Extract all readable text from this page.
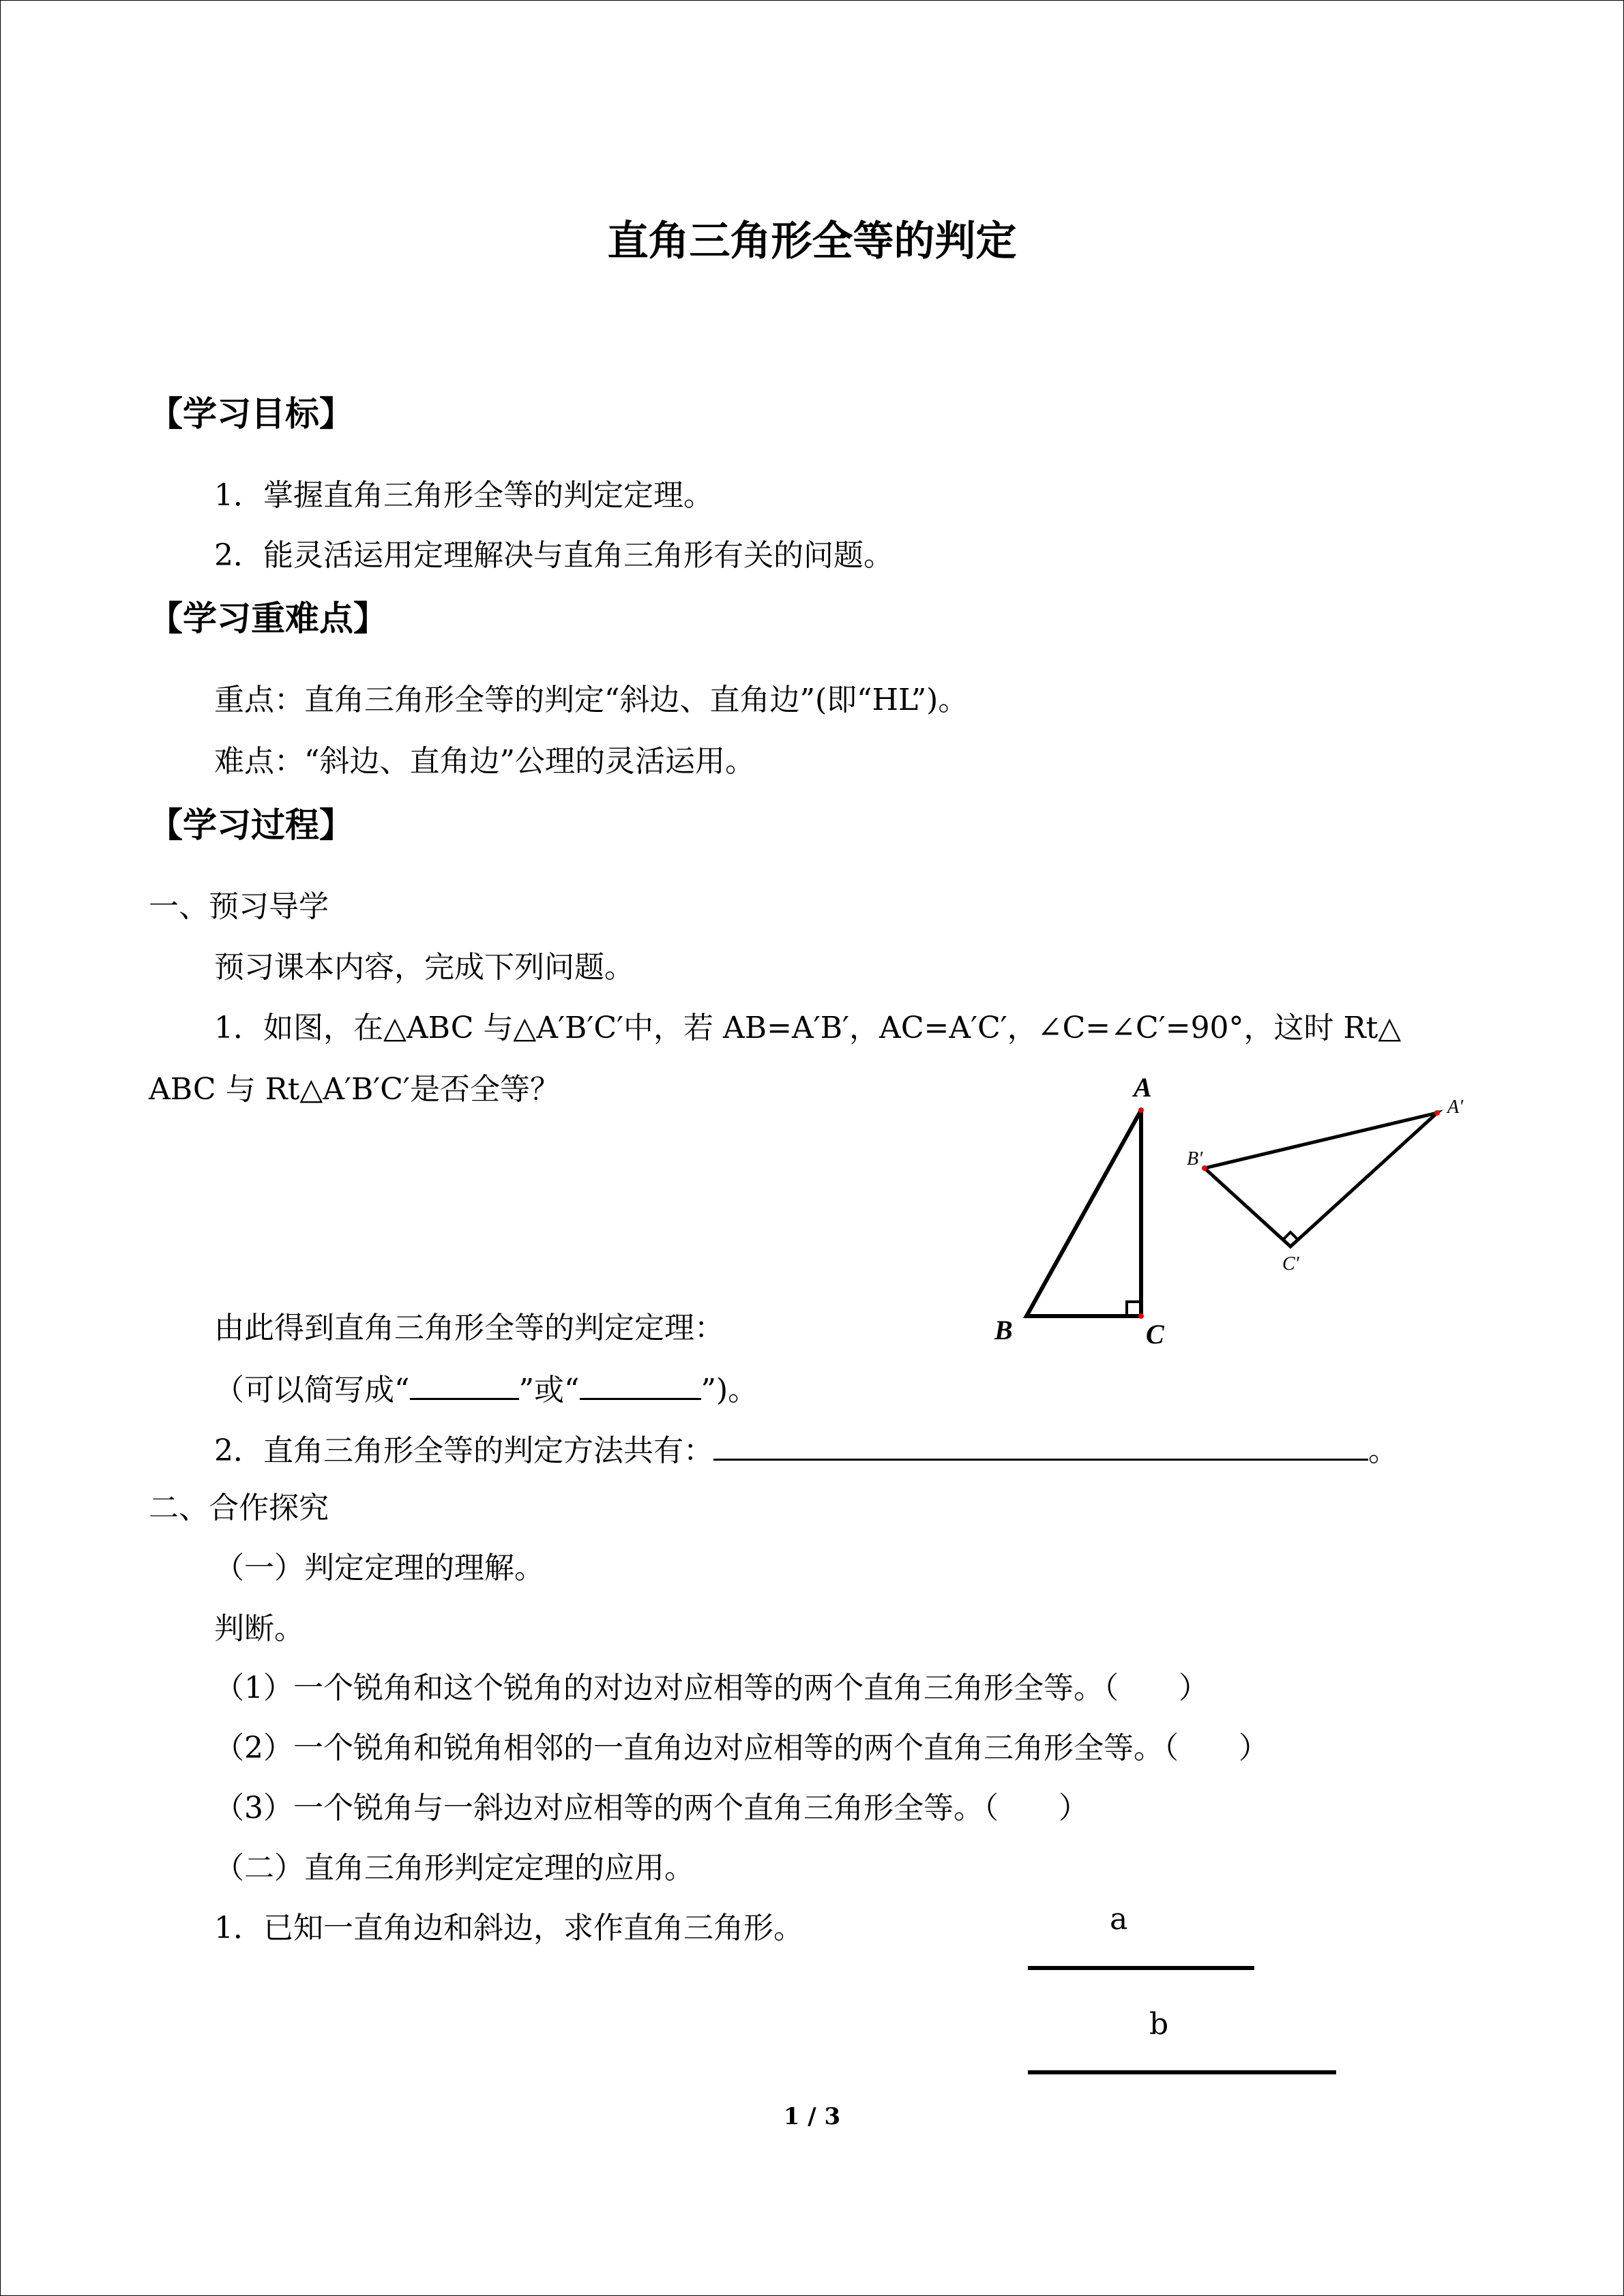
直角三角形全等的判定
【学习目标】
1．掌握直角三角形全等的判定定理。
2．能灵活运用定理解决与直角三角形有关的问题。
【学习重难点】
重点：直角三角形全等的判定“斜边、直角边”(即“HL”)。
难点：“斜边、直角边”公理的灵活运用。
【学习过程】
一、预习导学
预习课本内容，完成下列问题。
1．如图，在△ABC 与△A′B′C′中，若 AB=A′B′，AC=A′C′，∠C=∠C′=90°，这时 Rt△
ABC 与 Rt△A′B′C′是否全等？	A
B	C
A′
B′
C′
由此得到直角三角形全等的判定定理：
（可以简写成“	”或“	”)。
2．直角三角形全等的判定方法共有：	。
二、合作探究
（一）判定定理的理解。
判断。
（1）一个锐角和这个锐角的对边对应相等的两个直角三角形全等。（　　）
（2）一个锐角和锐角相邻的一直角边对应相等的两个直角三角形全等。（　　）
（3）一个锐角与一斜边对应相等的两个直角三角形全等。（　　）
（二）直角三角形判定定理的应用。
1．已知一直角边和斜边，求作直角三角形。	a
b
1 / 3
